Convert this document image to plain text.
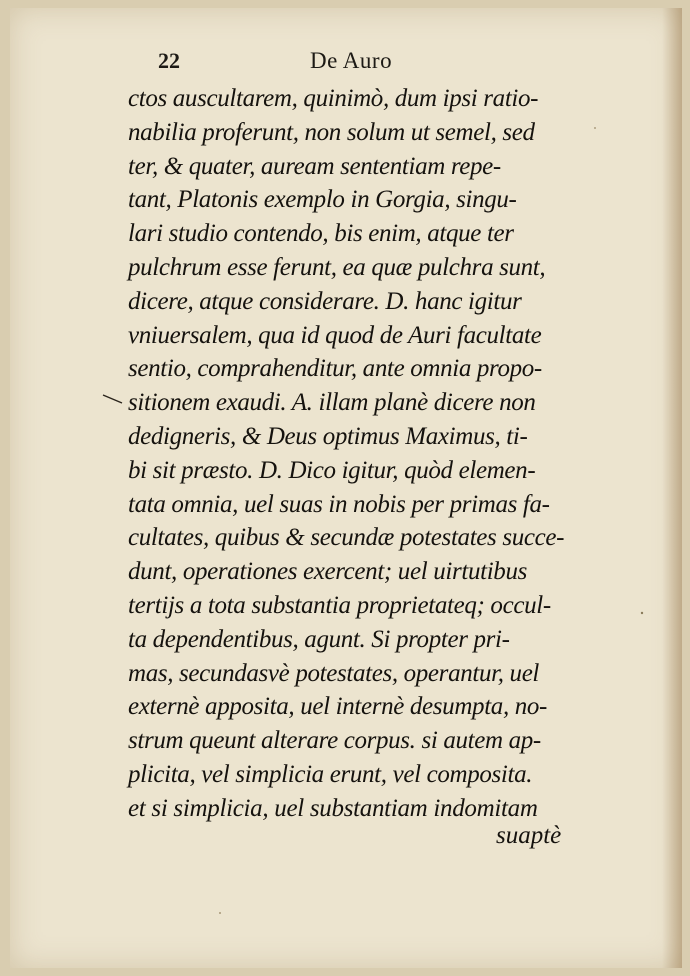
22	De Auro
ctos auscultarem, quinimò, dum ipsi ratio-
nabilia proferunt, non solum ut semel, sed
ter, & quater, auream sententiam repe-
tant, Platonis exemplo in Gorgia, singu-
lari studio contendo, bis enim, atque ter
pulchrum esse ferunt, ea quæ pulchra sunt,
dicere, atque considerare. D. hanc igitur
vniuersalem, qua id quod de Auri facultate
sentio, comprahenditur, ante omnia propo-
sitionem exaudi. A. illam planè dicere non
dedigneris, & Deus optimus Maximus, ti-
bi sit præsto. D. Dico igitur, quòd elemen-
tata omnia, uel suas in nobis per primas fa-
cultates, quibus & secundæ potestates succe-
dunt, operationes exercent; uel uirtutibus
tertijs a tota substantia proprietateq; occul-
ta dependentibus, agunt. Si propter pri-
mas, secundasvè potestates, operantur, uel
externè apposita, uel internè desumpta, no-
strum queunt alterare corpus. si autem ap-
plicita, vel simplicia erunt, vel composita.
et si simplicia, uel substantiam indomitam
suaptè
